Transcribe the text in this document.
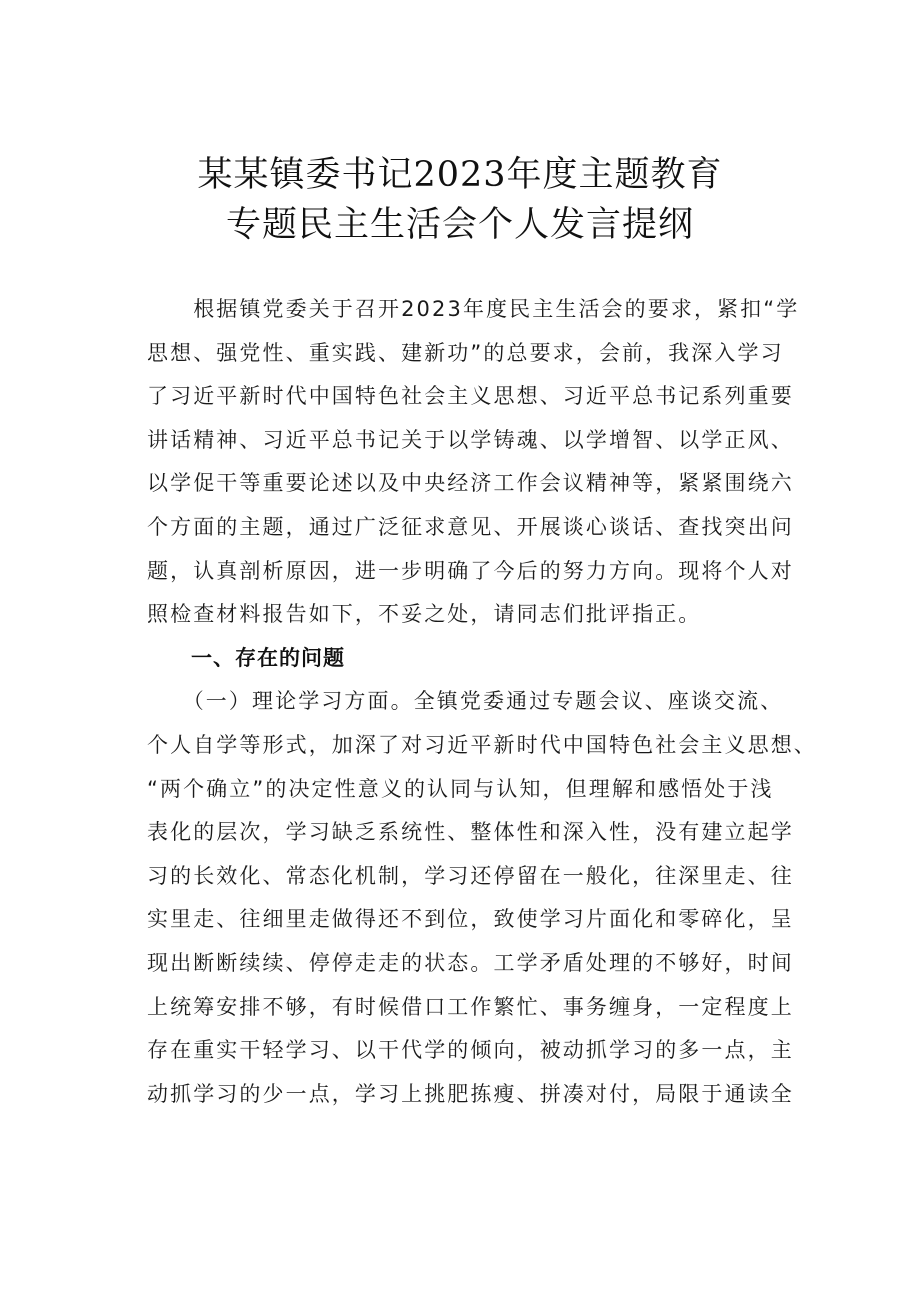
某某镇委书记2023年度主题教育
专题民主生活会个人发言提纲
　　根据镇党委关于召开2023年度民主生活会的要求，紧扣“学
思想、强党性、重实践、建新功”的总要求，会前，我深入学习
了习近平新时代中国特色社会主义思想、习近平总书记系列重要
讲话精神、习近平总书记关于以学铸魂、以学增智、以学正风、
以学促干等重要论述以及中央经济工作会议精神等，紧紧围绕六
个方面的主题，通过广泛征求意见、开展谈心谈话、查找突出问
题，认真剖析原因，进一步明确了今后的努力方向。现将个人对
照检查材料报告如下，不妥之处，请同志们批评指正。
　　一、存在的问题
　　（一）理论学习方面。全镇党委通过专题会议、座谈交流、
个人自学等形式，加深了对习近平新时代中国特色社会主义思想、
“两个确立”的决定性意义的认同与认知，但理解和感悟处于浅
表化的层次，学习缺乏系统性、整体性和深入性，没有建立起学
习的长效化、常态化机制，学习还停留在一般化，往深里走、往
实里走、往细里走做得还不到位，致使学习片面化和零碎化，呈
现出断断续续、停停走走的状态。工学矛盾处理的不够好，时间
上统筹安排不够，有时候借口工作繁忙、事务缠身，一定程度上
存在重实干轻学习、以干代学的倾向，被动抓学习的多一点，主
动抓学习的少一点，学习上挑肥拣瘦、拼凑对付，局限于通读全
